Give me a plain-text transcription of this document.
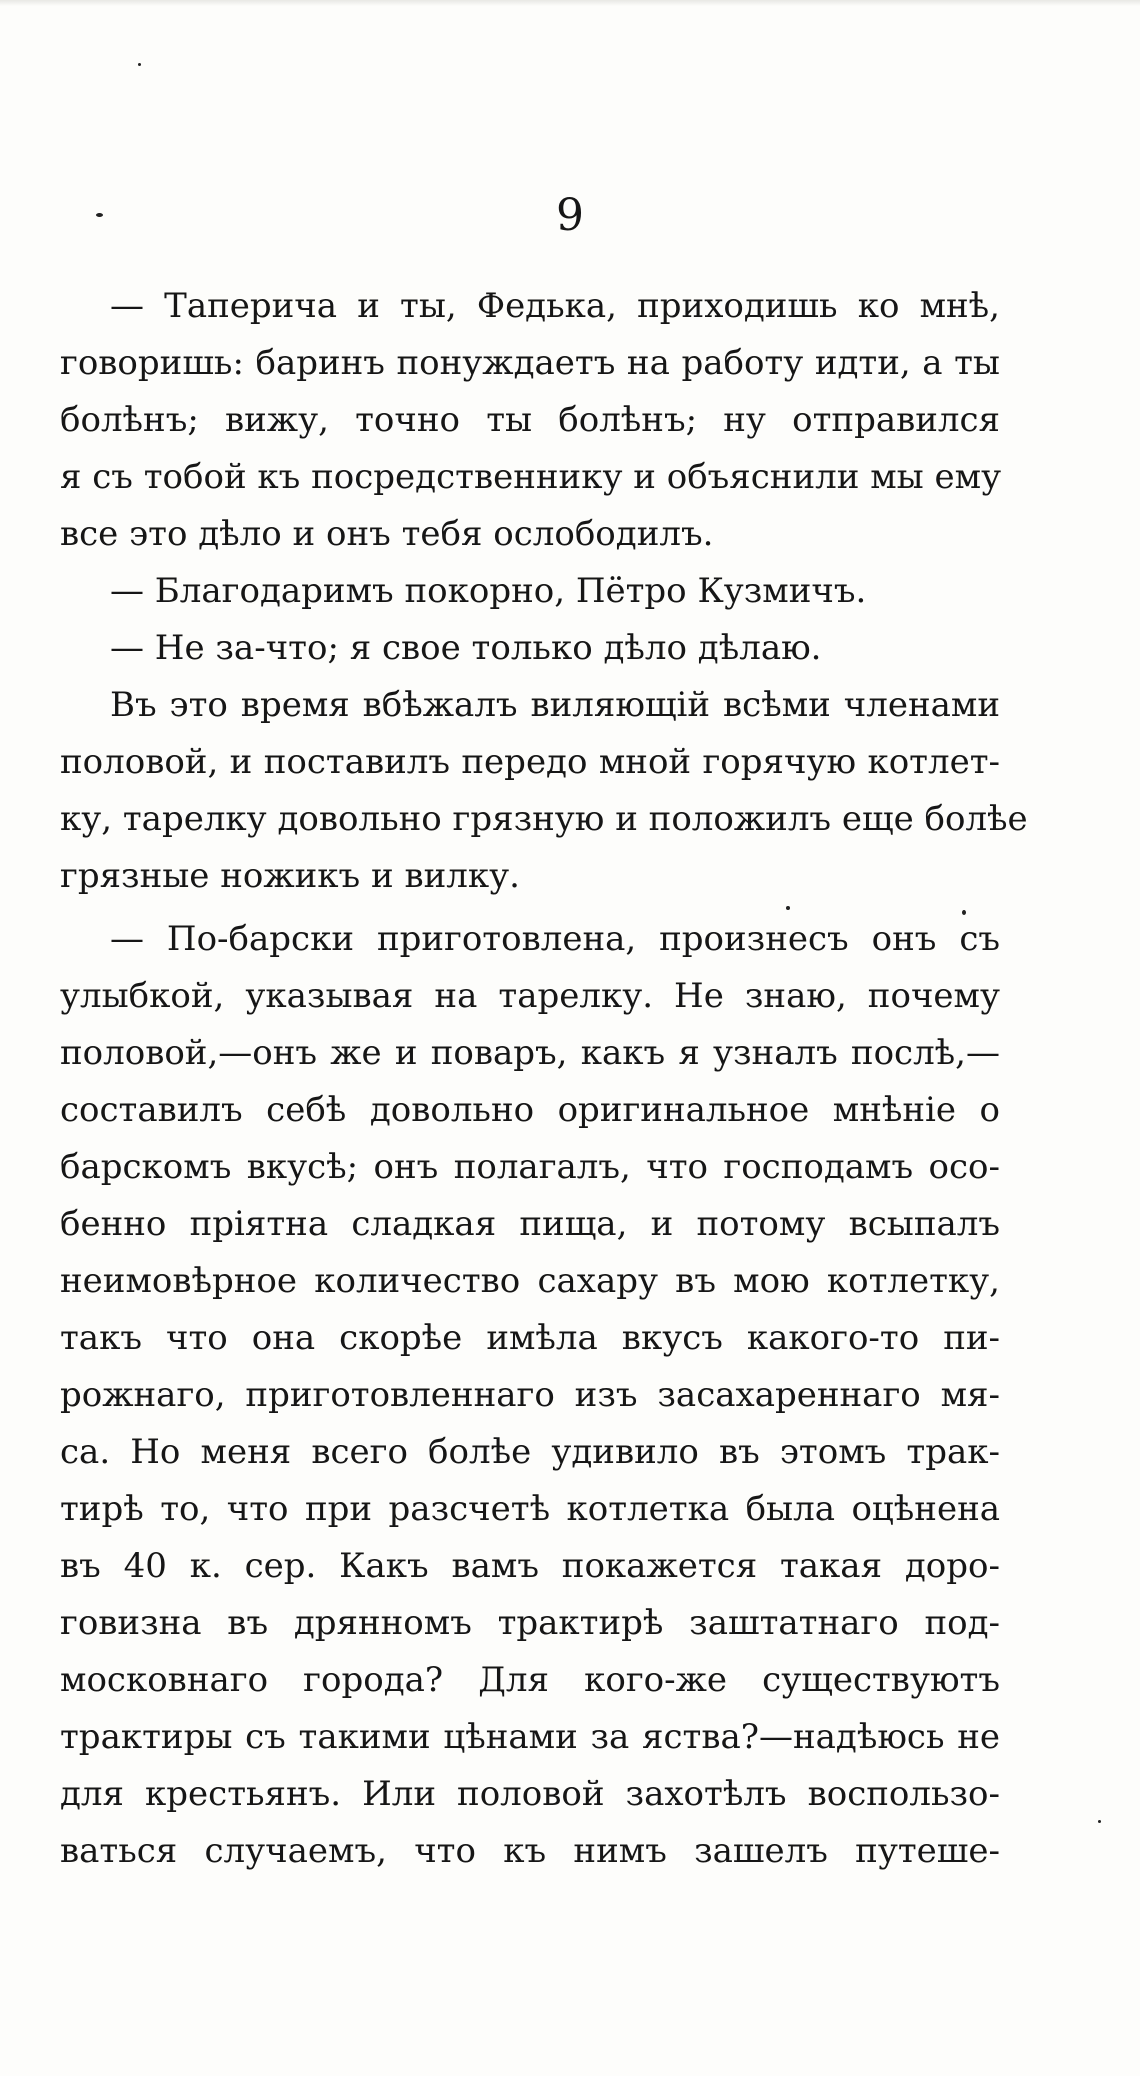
9
— Таперича и ты, Федька, приходишь ко мнѣ,
говоришь: баринъ понуждаетъ на работу идти, а ты
болѣнъ; вижу, точно ты болѣнъ; ну отправился
я съ тобой къ посредственнику и объяснили мы ему
все это дѣло и онъ тебя ослободилъ.
— Благодаримъ покорно, Пётро Кузмичъ.
— Не за-что; я свое только дѣло дѣлаю.
Въ это время вбѣжалъ виляющій всѣми членами
половой, и поставилъ передо мной горячую котлет-
ку, тарелку довольно грязную и положилъ еще болѣе
грязные ножикъ и вилку.
— По-барски приготовлена, произнесъ онъ съ
улыбкой, указывая на тарелку. Не знаю, почему
половой,—онъ же и поваръ, какъ я узналъ послѣ,—
составилъ себѣ довольно оригинальное мнѣніе о
барскомъ вкусѣ; онъ полагалъ, что господамъ осо-
бенно пріятна сладкая пища, и потому всыпалъ
неимовѣрное количество сахару въ мою котлетку,
такъ что она скорѣе имѣла вкусъ какого-то пи-
рожнаго, приготовленнаго изъ засахареннаго мя-
са. Но меня всего болѣе удивило въ этомъ трак-
тирѣ то, что при разсчетѣ котлетка была оцѣнена
въ 40 к. сер. Какъ вамъ покажется такая доро-
говизна въ дрянномъ трактирѣ заштатнаго под-
московнаго города? Для кого-же существуютъ
трактиры съ такими цѣнами за яства?—надѣюсь не
для крестьянъ. Или половой захотѣлъ воспользо-
ваться случаемъ, что къ нимъ зашелъ путеше-
